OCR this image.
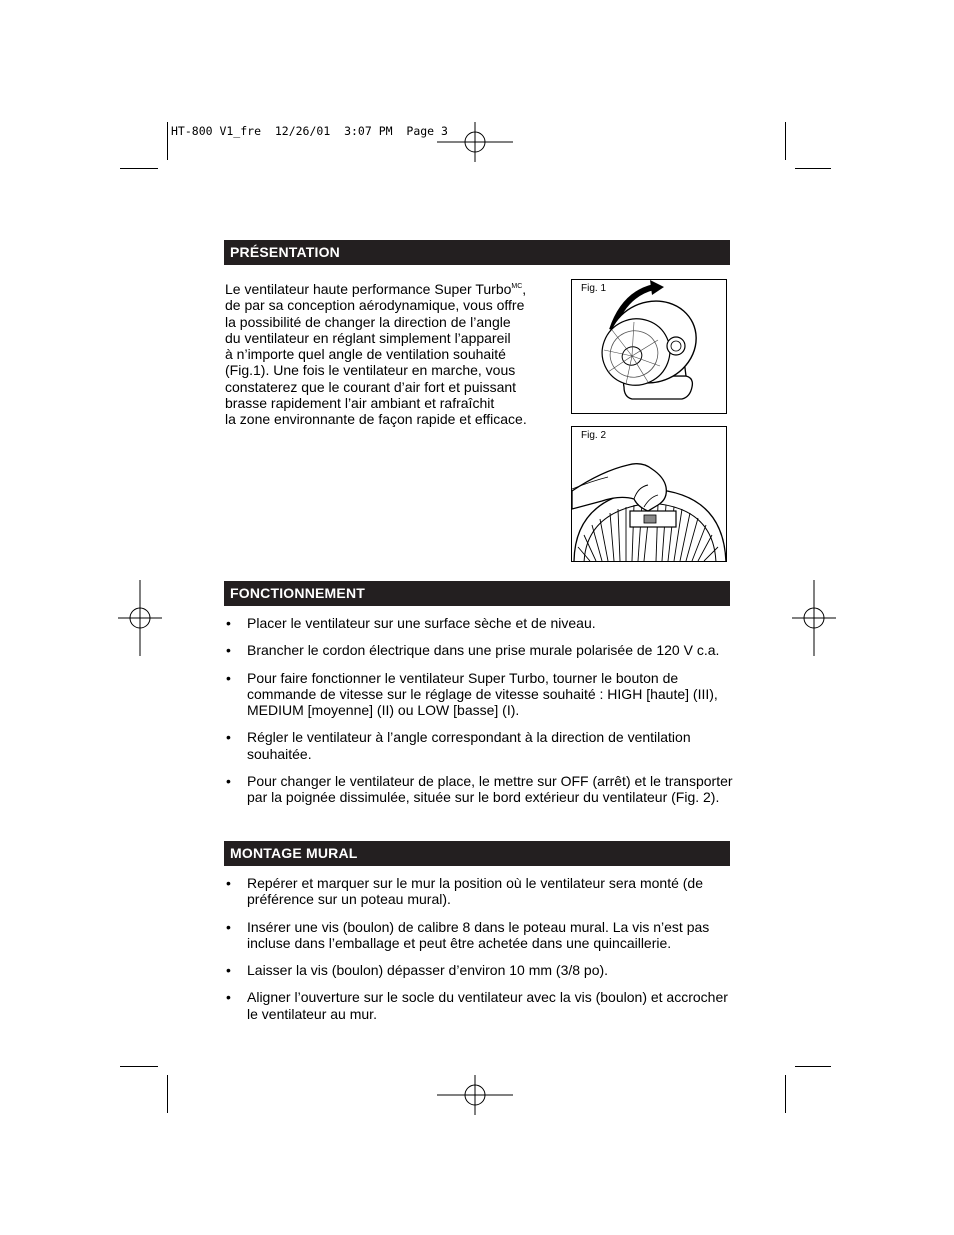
HT-800 V1_fre  12/26/01  3:07 PM  Page 3
PRÉSENTATION

Le ventilateur haute performance Super Turbo$^{MC}$,

de par sa conception aérodynamique, vous offre

la possibilité de changer la direction de l’angle

du ventilateur en réglant simplement l’appareil

à n’importe quel angle de ventilation souhaité

(Fig.1). Une fois le ventilateur en marche, vous

constaterez que le courant d’air fort et puissant

brasse rapidement l’air ambiant et rafraîchit

la zone environnante de façon rapide et efficace.

Fig. 1
Fig. 2
FONCTIONNEMENT
• Placer le ventilateur sur une surface sèche et de niveau.
• Brancher le cordon électrique dans une prise murale polarisée de 120 V c.a.
• Pour faire fonctionner le ventilateur Super Turbo, tourner le bouton de commande de vitesse sur le réglage de vitesse souhaité : HIGH [haute] (III), MEDIUM [moyenne] (II) ou LOW [basse] (I).
• Régler le ventilateur à l’angle correspondant à la direction de ventilation souhaitée.
• Pour changer le ventilateur de place, le mettre sur OFF (arrêt) et le transporter par la poignée dissimulée, située sur le bord extérieur du ventilateur (Fig. 2).
MONTAGE MURAL
• Repérer et marquer sur le mur la position où le ventilateur sera monté (de préférence sur un poteau mural).
• Insérer une vis (boulon) de calibre 8 dans le poteau mural. La vis n’est pas incluse dans l’emballage et peut être achetée dans une quincaillerie.
• Laisser la vis (boulon) dépasser d’environ 10 mm (3/8 po).
• Aligner l’ouverture sur le socle du ventilateur avec la vis (boulon) et accrocher le ventilateur au mur.
